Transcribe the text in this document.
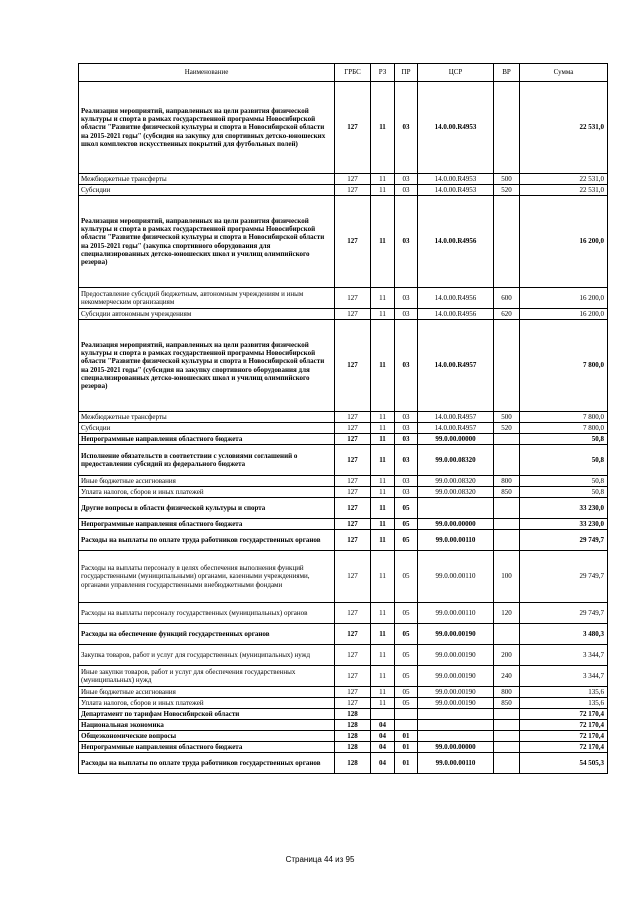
Наименование	ГРБС	РЗ	ПР	ЦСР	ВР	Сумма
Реализация мероприятий, направленных на цели развития физической культуры и спорта в рамках государственной программы Новосибирской области "Развитие физической культуры и спорта в Новосибирской области на 2015-2021 годы" (субсидия на закупку для спортивных детско-юношеских школ комплектов искусственных покрытий для футбольных полей)	127	11	03	14.0.00.R4953		22 531,0
Межбюджетные трансферты	127	11	03	14.0.00.R4953	500	22 531,0
Субсидии	127	11	03	14.0.00.R4953	520	22 531,0
Реализация мероприятий, направленных на цели развития физической культуры и спорта в рамках государственной программы Новосибирской области "Развитие физической культуры и спорта в Новосибирской области на 2015-2021 годы" (закупка спортивного оборудования для специализированных детско-юношеских школ и училищ олимпийского резерва)	127	11	03	14.0.00.R4956		16 200,0
Предоставление субсидий бюджетным, автономным учреждениям и иным некоммерческим организациям	127	11	03	14.0.00.R4956	600	16 200,0
Субсидии автономным учреждениям	127	11	03	14.0.00.R4956	620	16 200,0
Реализация мероприятий, направленных на цели развития физической культуры и спорта в рамках государственной программы Новосибирской области "Развитие физической культуры и спорта в Новосибирской области на 2015-2021 годы" (субсидия на закупку спортивного оборудования для специализированных детско-юношеских школ и училищ олимпийского резерва)	127	11	03	14.0.00.R4957		7 800,0
Межбюджетные трансферты	127	11	03	14.0.00.R4957	500	7 800,0
Субсидии	127	11	03	14.0.00.R4957	520	7 800,0
Непрограммные направления областного бюджета	127	11	03	99.0.00.00000		50,8
Исполнение обязательств в соответствии с условиями соглашений о предоставлении субсидий из федерального бюджета	127	11	03	99.0.00.08320		50,8
Иные бюджетные ассигнования	127	11	03	99.0.00.08320	800	50,8
Уплата налогов, сборов и иных платежей	127	11	03	99.0.00.08320	850	50,8
Другие вопросы в области физической культуры и спорта	127	11	05			33 230,0
Непрограммные направления областного бюджета	127	11	05	99.0.00.00000		33 230,0
Расходы на выплаты по оплате труда работников государственных органов	127	11	05	99.0.00.00110		29 749,7
Расходы на выплаты персоналу в целях обеспечения выполнения функций государственными (муниципальными) органами, казенными учреждениями, органами управления государственными внебюджетными фондами	127	11	05	99.0.00.00110	100	29 749,7
Расходы на выплаты персоналу государственных (муниципальных) органов	127	11	05	99.0.00.00110	120	29 749,7
Расходы на обеспечение функций государственных органов	127	11	05	99.0.00.00190		3 480,3
Закупка товаров, работ и услуг для государственных (муниципальных) нужд	127	11	05	99.0.00.00190	200	3 344,7
Иные закупки товаров, работ и услуг для обеспечения государственных (муниципальных) нужд	127	11	05	99.0.00.00190	240	3 344,7
Иные бюджетные ассигнования	127	11	05	99.0.00.00190	800	135,6
Уплата налогов, сборов и иных платежей	127	11	05	99.0.00.00190	850	135,6
Департамент по тарифам Новосибирской области	128					72 170,4
Национальная экономика	128	04				72 170,4
Общеэкономические вопросы	128	04	01			72 170,4
Непрограммные направления областного бюджета	128	04	01	99.0.00.00000		72 170,4
Расходы на выплаты по оплате труда работников государственных органов	128	04	01	99.0.00.00110		54 505,3
Страница 44 из 95
